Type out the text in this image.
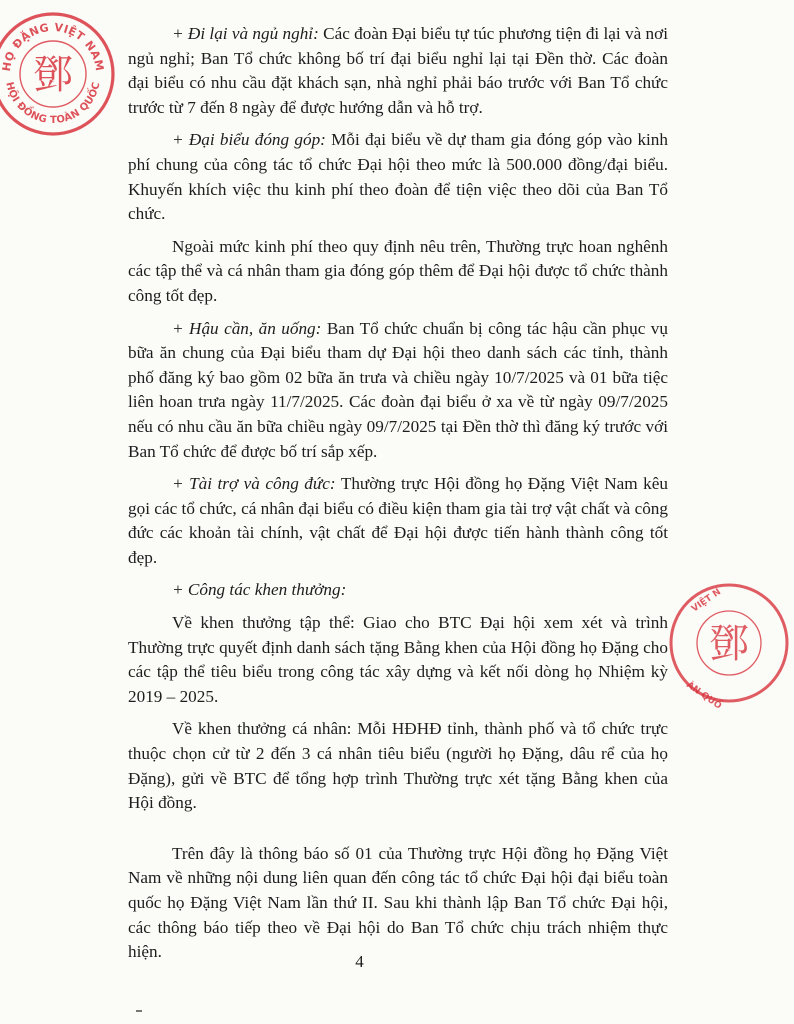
HỌ ĐẶNG VIỆT NAM
HỘI ĐỒNG TOÀN QUỐC
鄧
鄧
VIỆT N
ÀN QUỐ

+ Đi lại và ngủ nghỉ: Các đoàn Đại biểu tự túc phương tiện đi lại và nơi ngủ nghỉ; Ban Tổ chức không bố trí đại biểu nghỉ lại tại Đền thờ. Các đoàn đại biểu có nhu cầu đặt khách sạn, nhà nghỉ phải báo trước với Ban Tổ chức trước từ 7 đến 8 ngày để được hướng dẫn và hỗ trợ.

+ Đại biểu đóng góp: Mỗi đại biểu về dự tham gia đóng góp vào kinh phí chung của công tác tổ chức Đại hội theo mức là 500.000 đồng/đại biểu. Khuyến khích việc thu kinh phí theo đoàn để tiện việc theo dõi của Ban Tổ chức.

Ngoài mức kinh phí theo quy định nêu trên, Thường trực hoan nghênh các tập thể và cá nhân tham gia đóng góp thêm để Đại hội được tổ chức thành công tốt đẹp.

+ Hậu cần, ăn uống: Ban Tổ chức chuẩn bị công tác hậu cần phục vụ bữa ăn chung của Đại biểu tham dự Đại hội theo danh sách các tỉnh, thành phố đăng ký bao gồm 02 bữa ăn trưa và chiều ngày 10/7/2025 và 01 bữa tiệc liên hoan trưa ngày 11/7/2025. Các đoàn đại biểu ở xa về từ ngày 09/7/2025 nếu có nhu cầu ăn bữa chiều ngày 09/7/2025 tại Đền thờ thì đăng ký trước với Ban Tổ chức để được bố trí sắp xếp.

+ Tài trợ và công đức: Thường trực Hội đồng họ Đặng Việt Nam kêu gọi các tổ chức, cá nhân đại biểu có điều kiện tham gia tài trợ vật chất và công đức các khoản tài chính, vật chất để Đại hội được tiến hành thành công tốt đẹp.

+ Công tác khen thưởng:

Về khen thưởng tập thể: Giao cho BTC Đại hội xem xét và trình Thường trực quyết định danh sách tặng Bằng khen của Hội đồng họ Đặng cho các tập thể tiêu biểu trong công tác xây dựng và kết nối dòng họ Nhiệm kỳ 2019 – 2025.

Về khen thưởng cá nhân: Mỗi HĐHĐ tỉnh, thành phố và tổ chức trực thuộc chọn cử từ 2 đến 3 cá nhân tiêu biểu (người họ Đặng, dâu rể của họ Đặng), gửi về BTC để tổng hợp trình Thường trực xét tặng Bằng khen của Hội đồng.

Trên đây là thông báo số 01 của Thường trực Hội đồng họ Đặng Việt Nam về những nội dung liên quan đến công tác tổ chức Đại hội đại biểu toàn quốc họ Đặng Việt Nam lần thứ II. Sau khi thành lập Ban Tổ chức Đại hội, các thông báo tiếp theo về Đại hội do Ban Tổ chức chịu trách nhiệm thực hiện.

4
